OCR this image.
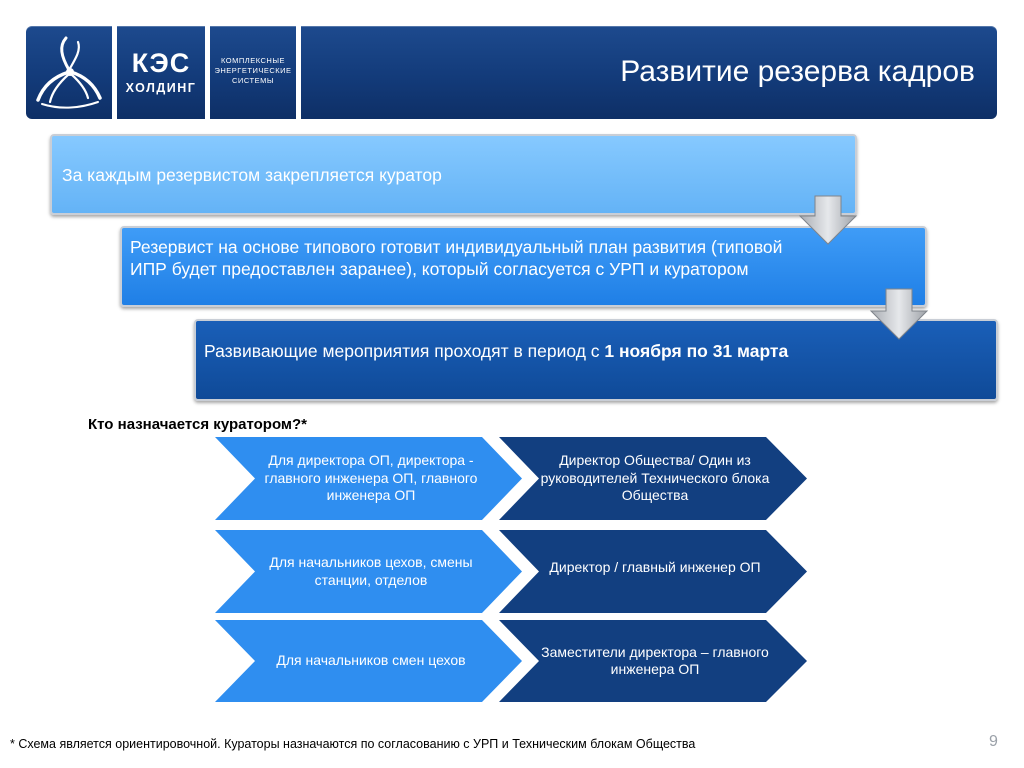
КЭС
ХОЛДИНГ
КОМПЛЕКСНЫЕ
ЭНЕРГЕТИЧЕСКИЕ
СИСТЕМЫ	Развитие резерва кадров
За каждым резервистом закрепляется куратор
Резервист на основе типового готовит индивидуальный план развития (типовой ИПР будет предоставлен заранее), который согласуется с УРП и куратором
Развивающие мероприятия проходят в период с 1 ноября по 31 марта
Кто назначается куратором?*
Для директора ОП, директора - главного инженера ОП, главного инженера ОП
Директор Общества/ Один из руководителей Технического блока Общества
Для начальников цехов, смены станции, отделов
Директор / главный инженер ОП
Для начальников смен цехов
Заместители директора – главного инженера ОП
* Схема является ориентировочной. Кураторы назначаются по согласованию с УРП и Техническим блокам Общества	9
